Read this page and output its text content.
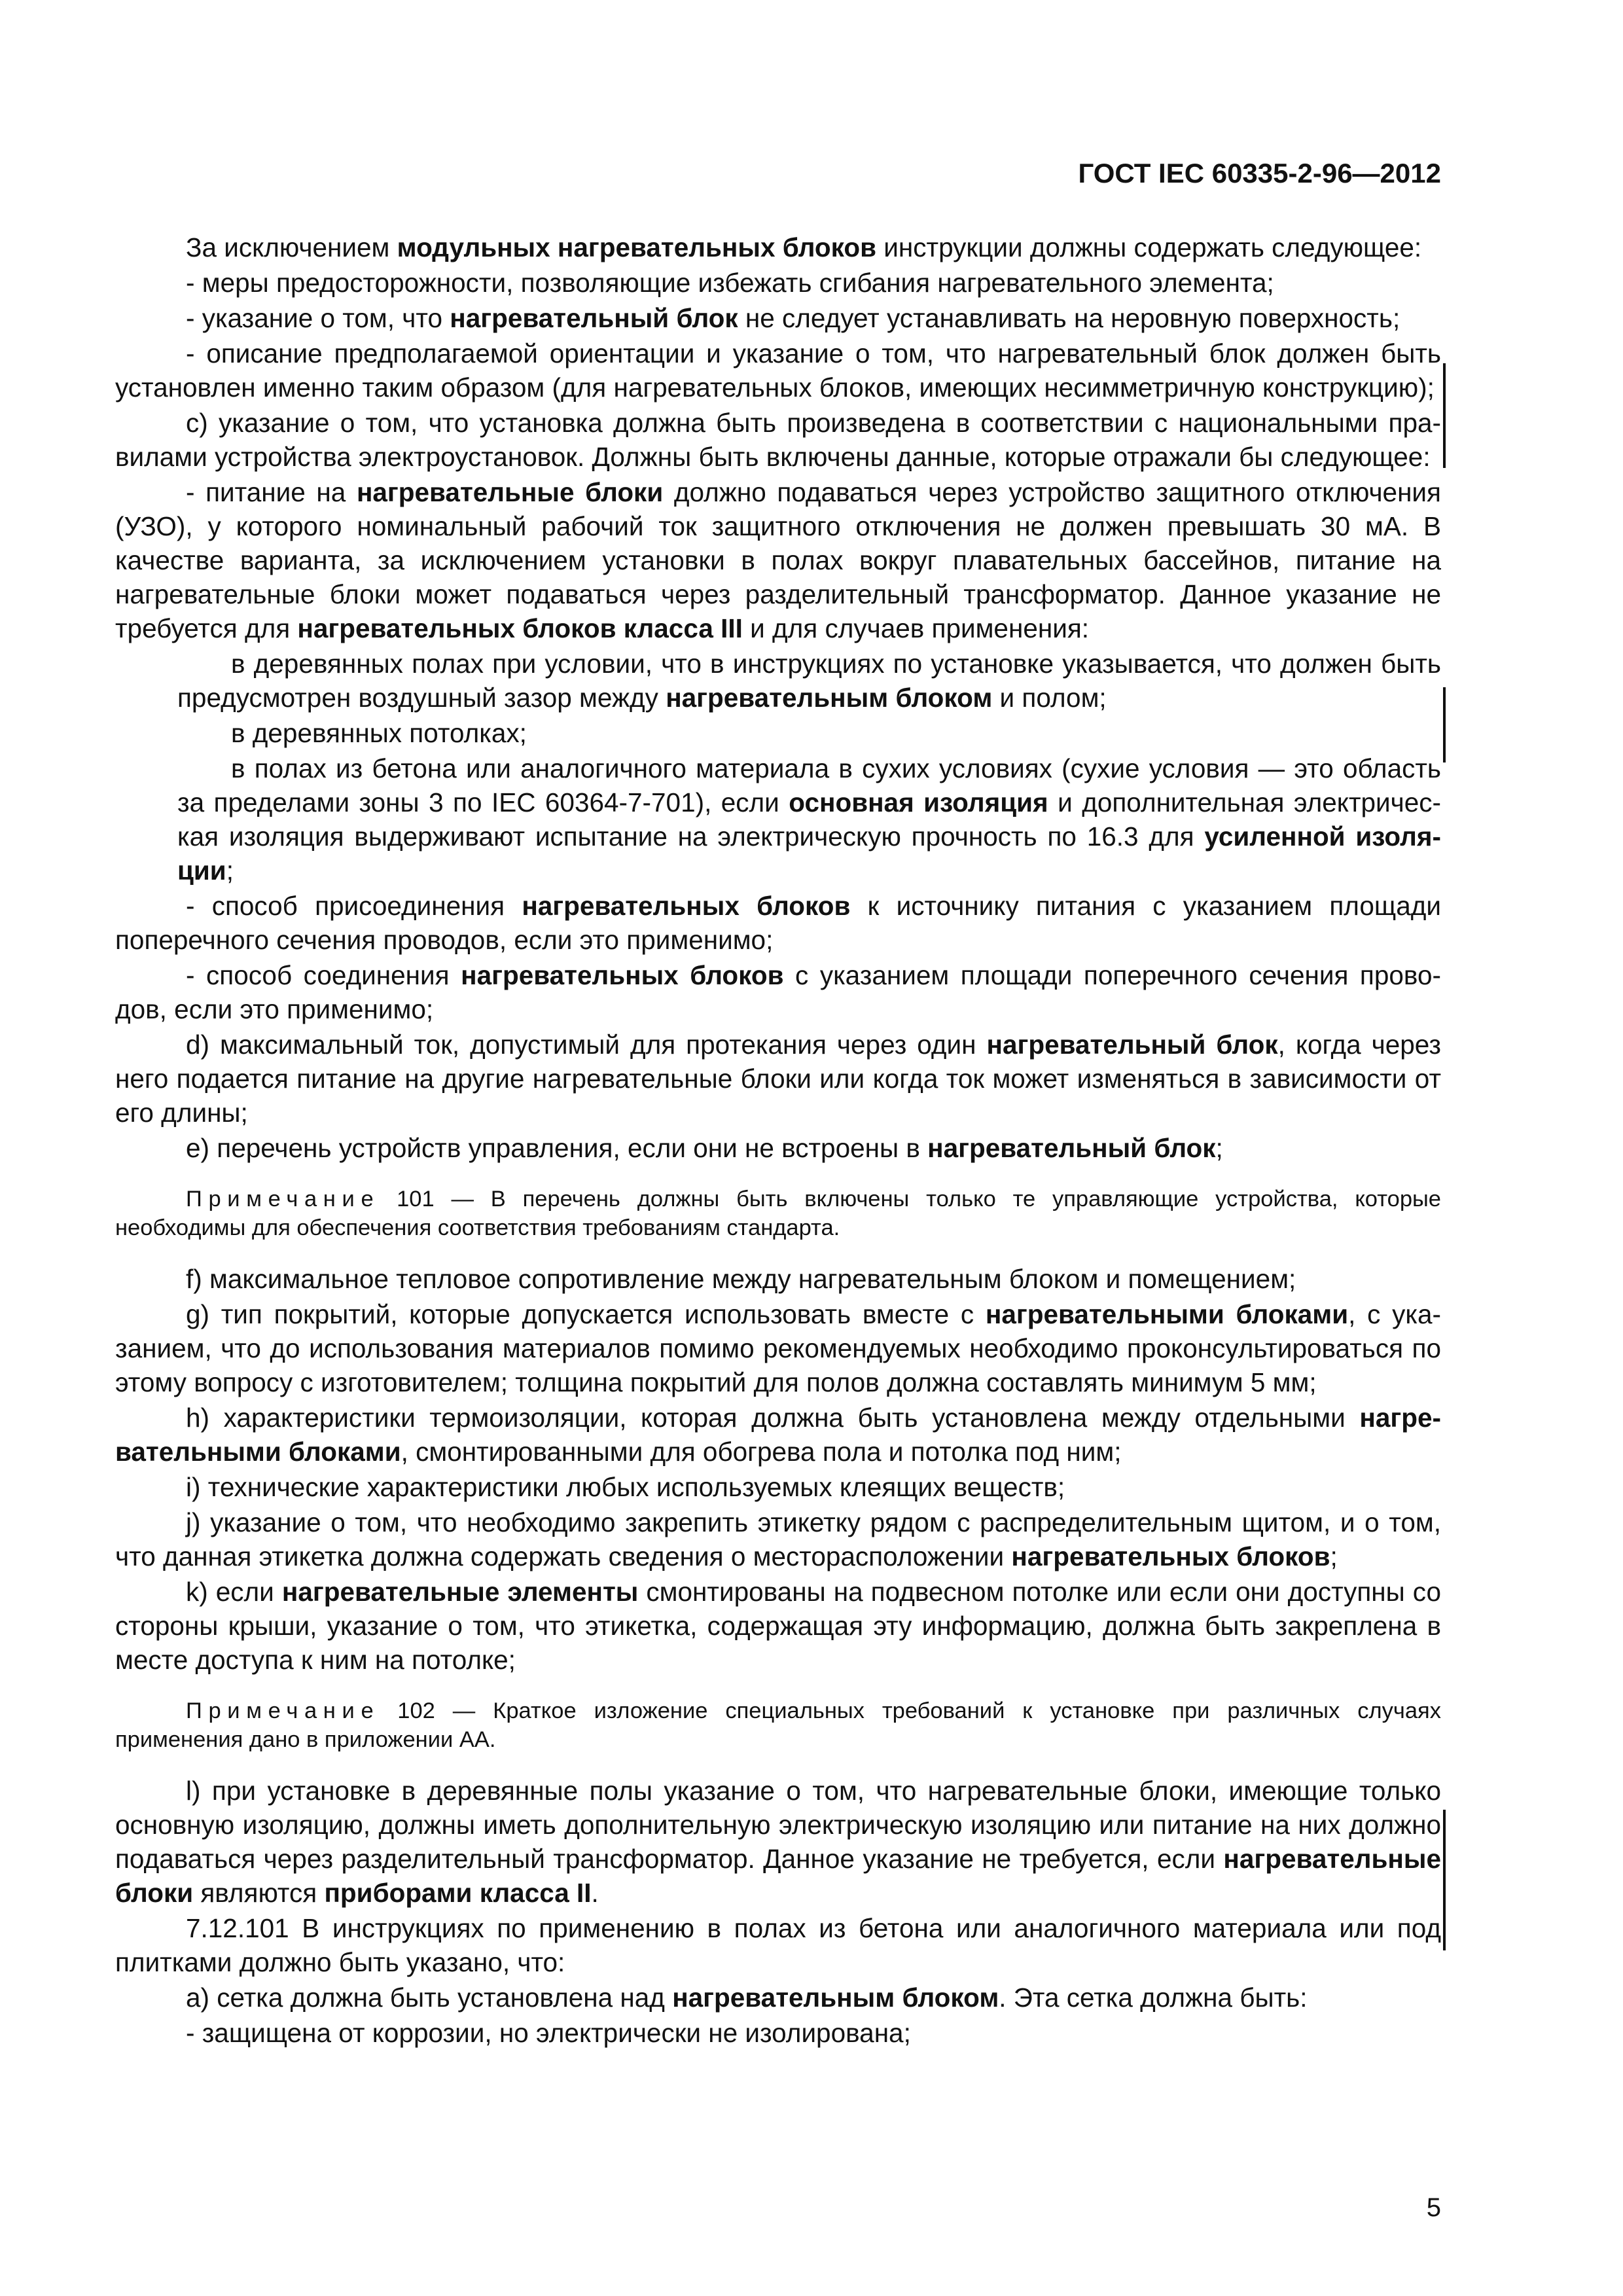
ГОСТ IEC 60335-2-96—2012

За исключением модульных нагревательных блоков инструкции должны содержать следующее:

- меры предосторожности, позволяющие избежать сгибания нагревательного элемента;

- указание о том, что нагревательный блок не следует устанавливать на неровную поверхность;

- описание предполагаемой ориентации и указание о том, что нагревательный блок должен быть установлен именно таким образом (для нагревательных блоков, имеющих несимметричную конструкцию);

с) указание о том, что установка должна быть произведена в соответствии с национальными правилами устройства электроустановок. Должны быть включены данные, которые отражали бы следующее:

- питание на нагревательные блоки должно подаваться через устройство защитного отключения (УЗО), у которого номинальный рабочий ток защитного отключения не должен превышать 30 мА. В качестве варианта, за исключением установки в полах вокруг плавательных бассейнов, питание на нагревательные блоки может подаваться через разделительный трансформатор. Данное указание не требуется для нагревательных блоков класса III и для случаев применения:

в деревянных полах при условии, что в инструкциях по установке указывается, что должен быть предусмотрен воздушный зазор между нагревательным блоком и полом;

в деревянных потолках;

в полах из бетона или аналогичного материала в сухих условиях (сухие условия — это область за пределами зоны 3 по IEC 60364-7-701), если основная изоляция и дополнительная электрическая изоляция выдерживают испытание на электрическую прочность по 16.3 для усиленной изоляции;

- способ присоединения нагревательных блоков к источнику питания с указанием площади поперечного сечения проводов, если это применимо;

- способ соединения нагревательных блоков с указанием площади поперечного сечения проводов, если это применимо;

d) максимальный ток, допустимый для протекания через один нагревательный блок, когда через него подается питание на другие нагревательные блоки или когда ток может изменяться в зависимости от его длины;

е) перечень устройств управления, если они не встроены в нагревательный блок;

Примечание 101 — В перечень должны быть включены только те управляющие устройства, которые необходимы для обеспечения соответствия требованиям стандарта.

f) максимальное тепловое сопротивление между нагревательным блоком и помещением;

g) тип покрытий, которые допускается использовать вместе с нагревательными блоками, с указанием, что до использования материалов помимо рекомендуемых необходимо проконсультироваться по этому вопросу с изготовителем; толщина покрытий для полов должна составлять минимум 5 мм;

h) характеристики термоизоляции, которая должна быть установлена между отдельными нагревательными блоками, смонтированными для обогрева пола и потолка под ним;

i) технические характеристики любых используемых клеящих веществ;

j) указание о том, что необходимо закрепить этикетку рядом с распределительным щитом, и о том, что данная этикетка должна содержать сведения о месторасположении нагревательных блоков;

k) если нагревательные элементы смонтированы на подвесном потолке или если они доступны со стороны крыши, указание о том, что этикетка, содержащая эту информацию, должна быть закреплена в месте доступа к ним на потолке;

Примечание 102 — Краткое изложение специальных требований к установке при различных случаях применения дано в приложении АА.

l) при установке в деревянные полы указание о том, что нагревательные блоки, имеющие только основную изоляцию, должны иметь дополнительную электрическую изоляцию или питание на них должно подаваться через разделительный трансформатор. Данное указание не требуется, если нагревательные блоки являются приборами класса II.

7.12.101 В инструкциях по применению в полах из бетона или аналогичного материала или под плитками должно быть указано, что:

а) сетка должна быть установлена над нагревательным блоком. Эта сетка должна быть:

- защищена от коррозии, но электрически не изолирована;

5
